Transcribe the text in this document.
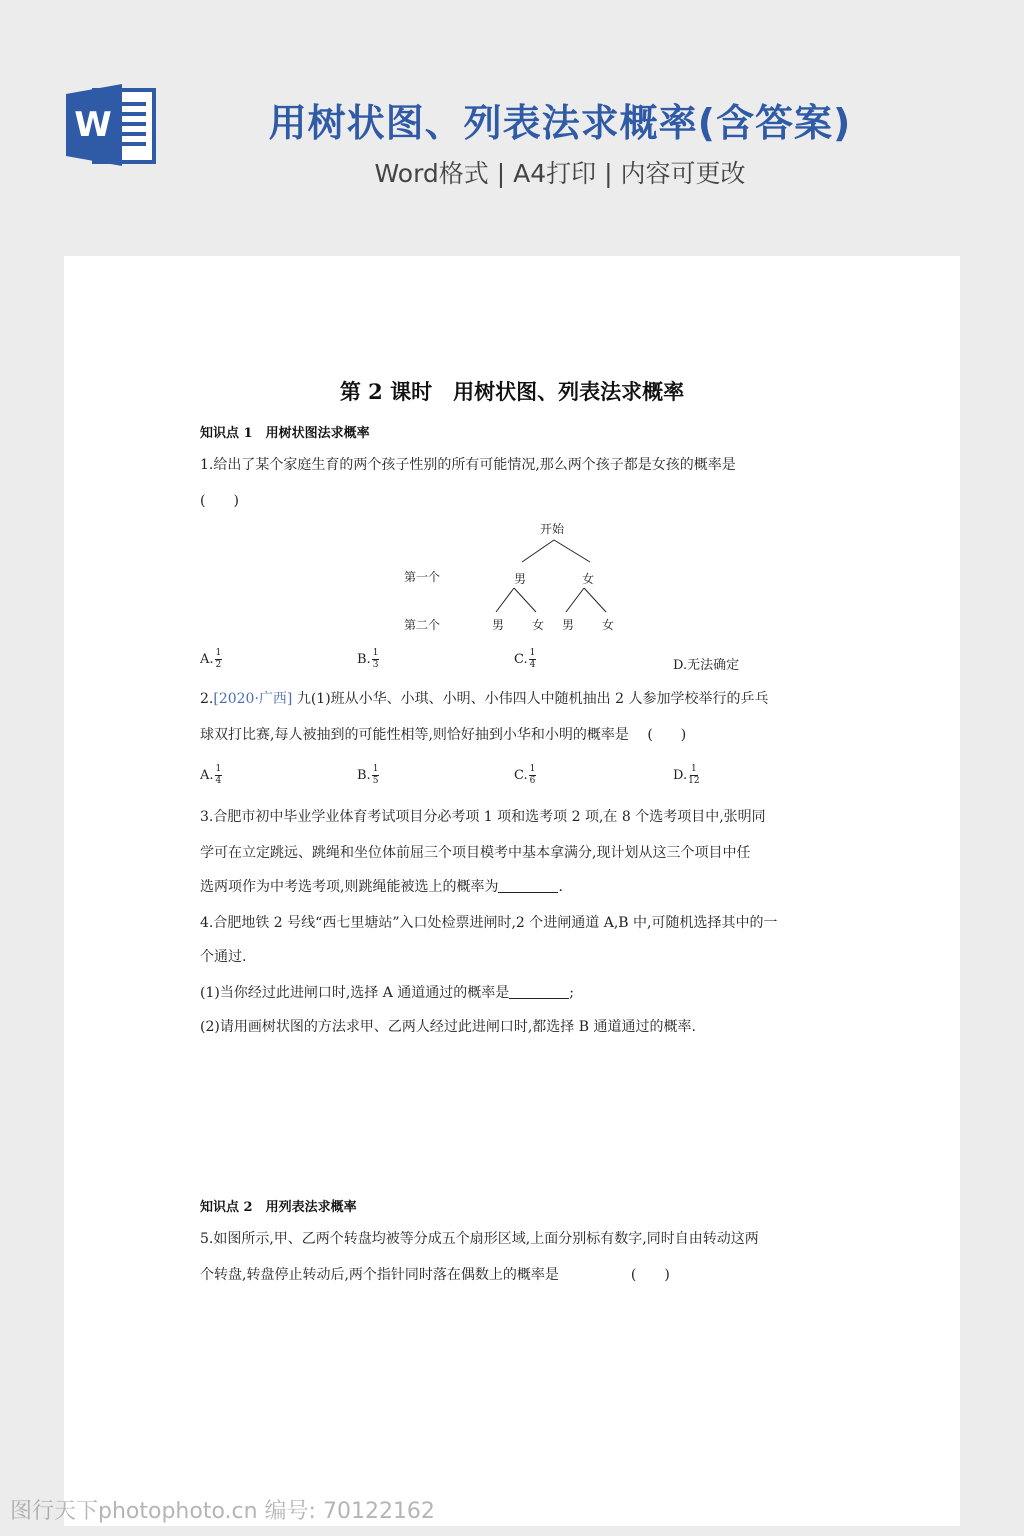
W	用树状图、列表法求概率(含答案)
Word格式 | A4打印 | 内容可更改
第 2 课时　用树状图、列表法求概率
知识点 1　用树状图法求概率
1.给出了某个家庭生育的两个孩子性别的所有可能情况,那么两个孩子都是女孩的概率是
(　　)
开始
第一个
第二个
男	女
男 女 男 女
A. $\frac{1}{2}$	B. $\frac{1}{3}$	C. $\frac{1}{4}$	D.无法确定
2.[2020·广西] 九(1)班从小华、小琪、小明、小伟四人中随机抽出 2 人参加学校举行的乒乓
球双打比赛,每人被抽到的可能性相等,则恰好抽到小华和小明的概率是　 (　　)
A. $\frac{1}{4}$	B. $\frac{1}{5}$	C. $\frac{1}{6}$	D. $\frac{1}{12}$
3.合肥市初中毕业学业体育考试项目分必考项 1 项和选考项 2 项,在 8 个选考项目中,张明同
学可在立定跳远、跳绳和坐位体前屈三个项目模考中基本拿满分,现计划从这三个项目中任
选两项作为中考选考项,则跳绳能被选上的概率为	.
4.合肥地铁 2 号线“西七里塘站”入口处检票进闸时,2 个进闸通道 A,B 中,可随机选择其中的一
个通过.
(1)当你经过此进闸口时,选择 A 通道通过的概率是	;
(2)请用画树状图的方法求甲、乙两人经过此进闸口时,都选择 B 通道通过的概率.
知识点 2　用列表法求概率
5.如图所示,甲、乙两个转盘均被等分成五个扇形区域,上面分别标有数字,同时自由转动这两
个转盘,转盘停止转动后,两个指针同时落在偶数上的概率是	(　　)
图行天下photophoto.cn 编号: 70122162
